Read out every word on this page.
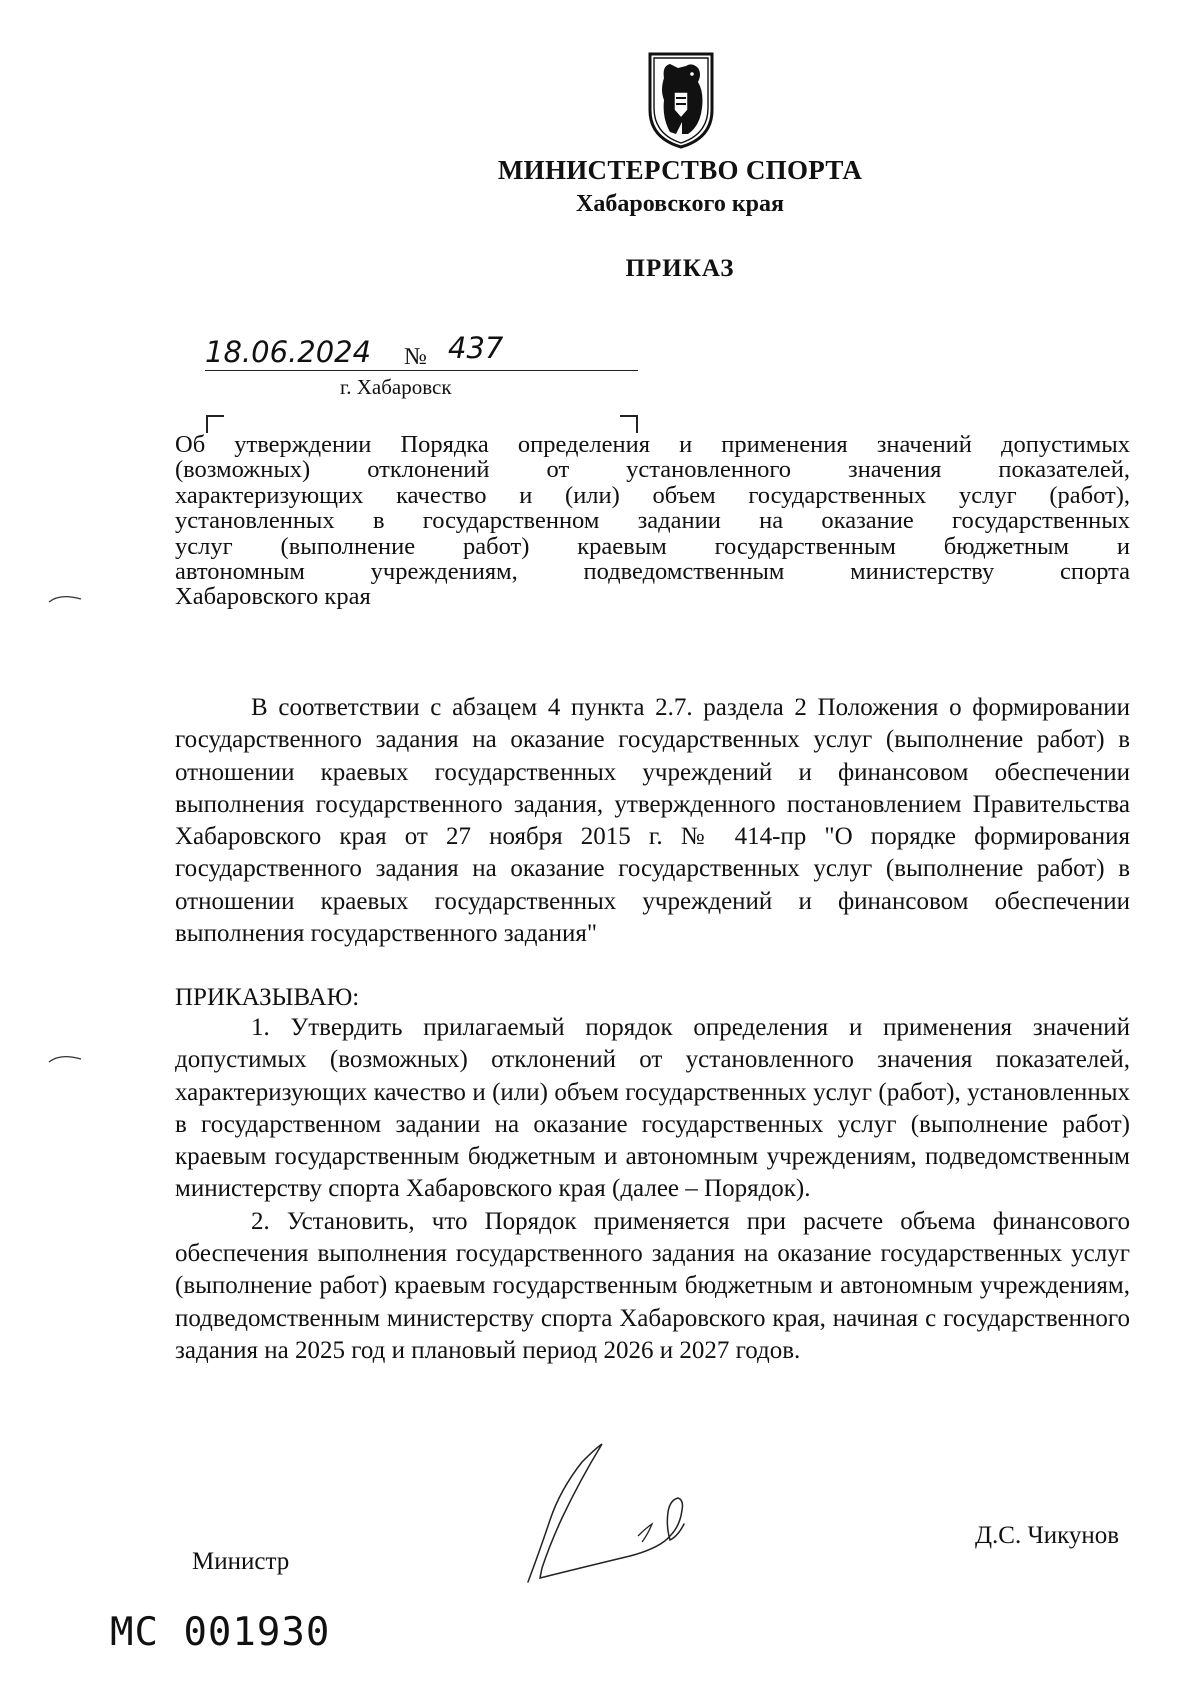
МИНИСТЕРСТВО СПОРТА
Хабаровского края
ПРИКАЗ
18.06.2024 № 437
г. Хабаровск
Об утверждении Порядка определения и применения значений допустимых
(возможных) отклонений от установленного значения показателей,
характеризующих качество и (или) объем государственных услуг (работ),
установленных в государственном задании на оказание государственных
услуг (выполнение работ) краевым государственным бюджетным и
автономным учреждениям, подведомственным министерству спорта
Хабаровского края

В соответствии с абзацем 4 пункта 2.7. раздела 2 Положения о формировании государственного задания на оказание государственных услуг (выполнение работ) в отношении краевых государственных учреждений и финансовом обеспечении выполнения государственного задания, утвержденного постановлением Правительства Хабаровского края от 27 ноября 2015 г. № 414-пр "О порядке формирования государственного задания на оказание государственных услуг (выполнение работ) в отношении краевых государственных учреждений и финансовом обеспечении выполнения государственного задания"

ПРИКАЗЫВАЮ:

1. Утвердить прилагаемый порядок определения и применения значений допустимых (возможных) отклонений от установленного значения показателей, характеризующих качество и (или) объем государственных услуг (работ), установленных в государственном задании на оказание государственных услуг (выполнение работ) краевым государственным бюджетным и автономным учреждениям, подведомственным министерству спорта Хабаровского края (далее – Порядок).

2. Установить, что Порядок применяется при расчете объема финансового обеспечения выполнения государственного задания на оказание государственных услуг (выполнение работ) краевым государственным бюджетным и автономным учреждениям, подведомственным министерству спорта Хабаровского края, начиная с государственного задания на 2025 год и плановый период 2026 и 2027 годов.

Министр
Д.С. Чикунов
МС 001930
